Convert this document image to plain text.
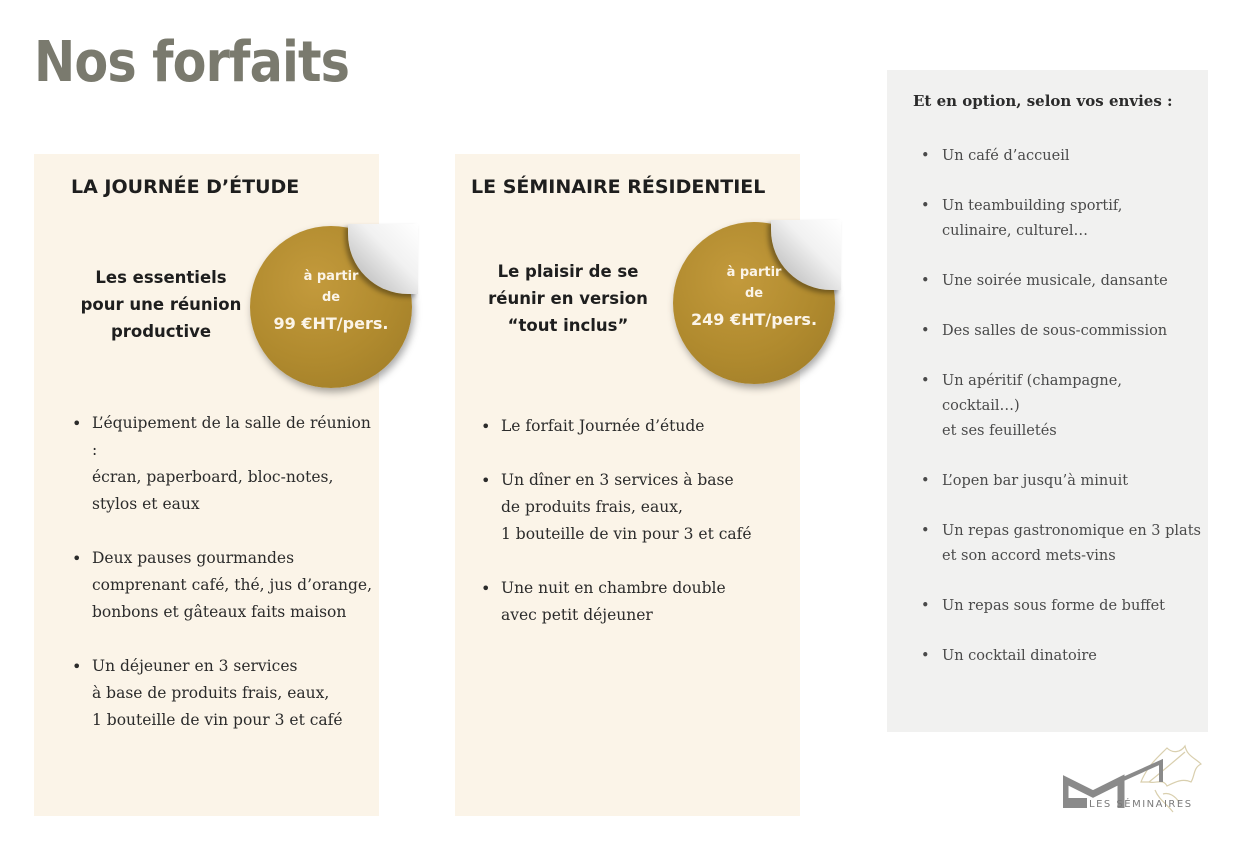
Nos forfaits
LA JOURNÉE D’ÉTUDE
Les essentiels
pour une réunion
productive
à partir
de
99 €HT/pers.
• L’équipement de la salle de réunion :
écran, paperboard, bloc-notes,
stylos et eaux
• Deux pauses gourmandes
comprenant café, thé, jus d’orange,
bonbons et gâteaux faits maison
• Un déjeuner en 3 services
à base de produits frais, eaux,
1 bouteille de vin pour 3 et café
LE SÉMINAIRE RÉSIDENTIEL
Le plaisir de se
réunir en version
“tout inclus”
à partir
de
249 €HT/pers.
• Le forfait Journée d’étude
• Un dîner en 3 services à base
de produits frais, eaux,
1 bouteille de vin pour 3 et café
• Une nuit en chambre double
avec petit déjeuner
Et en option, selon vos envies :
• Un café d’accueil
• Un teambuilding sportif,
culinaire, culturel…
• Une soirée musicale, dansante
• Des salles de sous-commission
• Un apéritif (champagne, cocktail…)
et ses feuilletés
• L’open bar jusqu’à minuit
• Un repas gastronomique en 3 plats
et son accord mets-vins
• Un repas sous forme de buffet
• Un cocktail dinatoire
LES SÉMINAIRES
